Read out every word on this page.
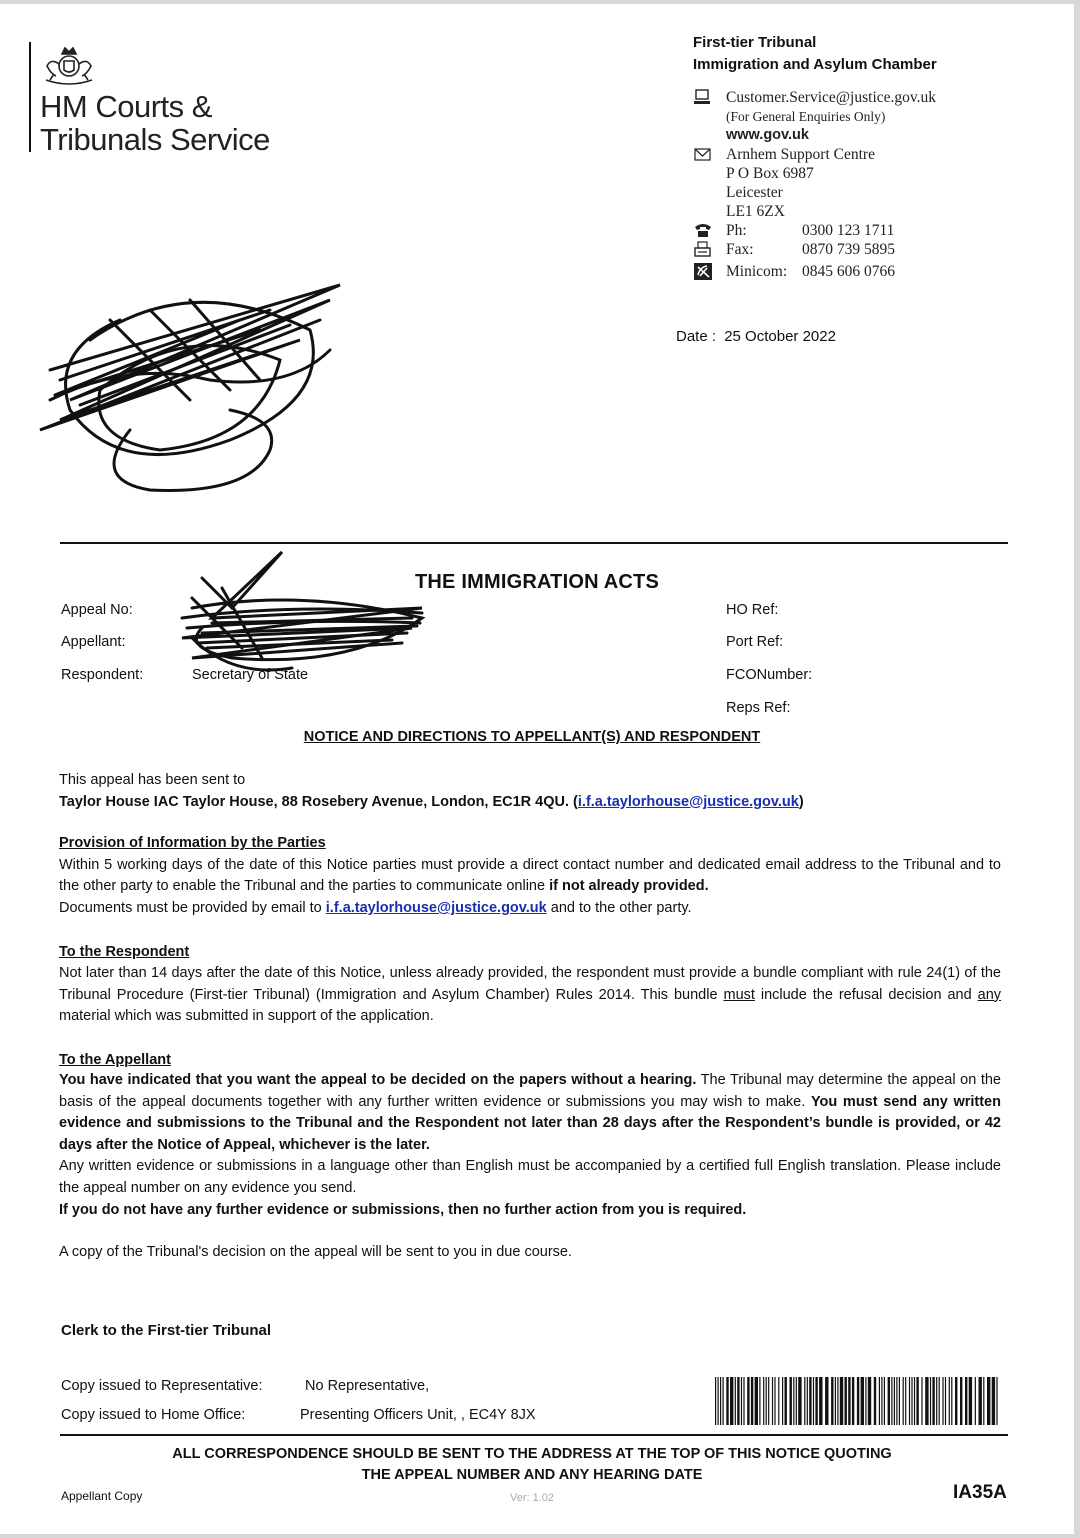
HM Courts &
Tribunals Service
First-tier Tribunal
Immigration and Asylum Chamber
Customer.Service@justice.gov.uk
(For General Enquiries Only)
www.gov.uk
Arnhem Support Centre
P O Box 6987
Leicester
LE1 6ZX
Ph:	0300 123 1711
Fax:	0870 739 5895
Minicom: 0845 606 0766
Date : 25 October 2022
THE IMMIGRATION ACTS
Appeal No:
Appellant:
Respondent:	Secretary of State
HO Ref:
Port Ref:
FCONumber:
Reps Ref:
NOTICE AND DIRECTIONS TO APPELLANT(S) AND RESPONDENT

This appeal has been sent to

Taylor House IAC Taylor House, 88 Rosebery Avenue, London, EC1R 4QU. (i.f.a.taylorhouse@justice.gov.uk)

Provision of Information by the Parties

Within 5 working days of the date of this Notice parties must provide a direct contact number and dedicated email address to the Tribunal and to the other party to enable the Tribunal and the parties to communicate online if not already provided.

Documents must be provided by email to i.f.a.taylorhouse@justice.gov.uk and to the other party.

To the Respondent

Not later than 14 days after the date of this Notice, unless already provided, the respondent must provide a bundle compliant with rule 24(1) of the Tribunal Procedure (First-tier Tribunal) (Immigration and Asylum Chamber) Rules 2014. This bundle must include the refusal decision and any material which was submitted in support of the application.

To the Appellant

You have indicated that you want the appeal to be decided on the papers without a hearing. The Tribunal may determine the appeal on the basis of the appeal documents together with any further written evidence or submissions you may wish to make. You must send any written evidence and submissions to the Tribunal and the Respondent not later than 28 days after the Respondent’s bundle is provided, or 42 days after the Notice of Appeal, whichever is the later.

Any written evidence or submissions in a language other than English must be accompanied by a certified full English translation. Please include the appeal number on any evidence you send.

If you do not have any further evidence or submissions, then no further action from you is required.

A copy of the Tribunal's decision on the appeal will be sent to you in due course.

Clerk to the First-tier Tribunal
Copy issued to Representative:	No Representative,
Copy issued to Home Office:	Presenting Officers Unit, , EC4Y 8JX
ALL CORRESPONDENCE SHOULD BE SENT TO THE ADDRESS AT THE TOP OF THIS NOTICE QUOTING
THE APPEAL NUMBER AND ANY HEARING DATE
Appellant Copy	Ver: 1.02	IA35A
